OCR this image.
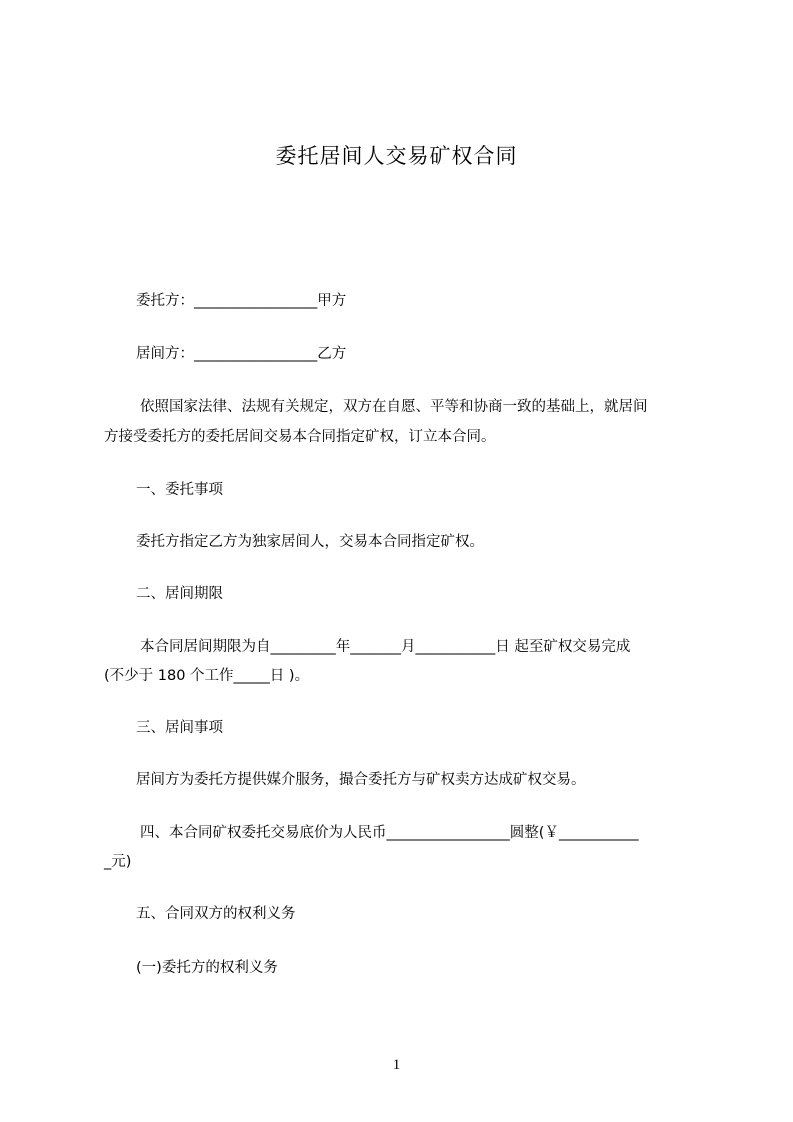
委托居间人交易矿权合同
委托方：_________________甲方
居间方：_________________乙方
依照国家法律、法规有关规定，双方在自愿、平等和协商一致的基础上，就居间
方接受委托方的委托居间交易本合同指定矿权，订立本合同。
一、委托事项
委托方指定乙方为独家居间人，交易本合同指定矿权。
二、居间期限
本合同居间期限为自_________年_______月___________日 起至矿权交易完成
(不少于 180 个工作_____日 )。
三、居间事项
居间方为委托方提供媒介服务，撮合委托方与矿权卖方达成矿权交易。
四、本合同矿权委托交易底价为人民币_________________圆整(￥___________
_元)
五、合同双方的权利义务
(一)委托方的权利义务
1
